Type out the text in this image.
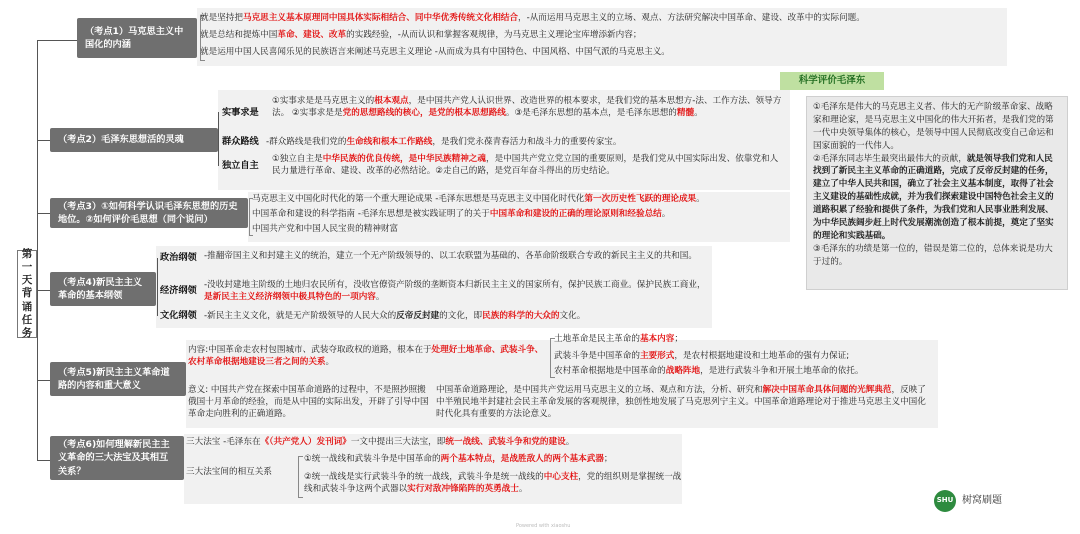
第一天背诵任务
（考点1）马克思主义中国化的内涵
就是坚持把马克思主义基本原理同中国具体实际相结合、同中华优秀传统文化相结合，-从而运用马克思主义的立场、观点、方法研究解决中国革命、建设、改革中的实际问题。
就是总结和提炼中国革命、建设、改革的实践经验，-从而认识和掌握客观规律，为马克思主义理论宝库增添新内容；
就是运用中国人民喜闻乐见的民族语言来阐述马克思主义理论 -从而成为具有中国特色、中国风格、中国气派的马克思主义。
（考点2）毛泽东思想活的灵魂
实事求是
①实事求是是马克思主义的根本观点，是中国共产党人认识世界、改造世界的根本要求，是我们党的基本思想方-法、工作方法、领导方法。 ②实事求是是党的思想路线的核心，是党的根本思想路线。③是毛泽东思想的基本点，是毛泽东思想的精髓。
群众路线 -群众路线是我们党的生命线和根本工作路线，是我们党永葆青春活力和战斗力的重要传家宝。
独立自主
①独立自主是中华民族的优良传统，是中华民族精神之魂，是中国共产党立党立国的重要原则，是我们党从中国实际出发、依靠党和人民力量进行革命、建设、改革的必然结论。②走自己的路，是党百年奋斗得出的历史结论。
（考点3）①如何科学认识毛泽东思想的历史地位。②如何评价毛思想（同个说问）
马克思主义中国化时代化的第一个重大理论成果 -毛泽东思想是马克思主义中国化时代化第一次历史性飞跃的理论成果。
中国革命和建设的科学指南 -毛泽东思想是被实践证明了的关于中国革命和建设的正确的理论原则和经验总结。
中国共产党和中国人民宝贵的精神财富
（考点4)新民主主义革命的基本纲领
政治纲领 -推翻帝国主义和封建主义的统治，建立一个无产阶级领导的、以工农联盟为基础的、各革命阶级联合专政的新民主主义的共和国。
经济纲领 -没收封建地主阶级的土地归农民所有，没收官僚资产阶级的垄断资本归新民主主义的国家所有，保护民族工商业。保护民族工商业，是新民主主义经济纲领中极具特色的一项内容。
文化纲领 -新民主主义文化，就是无产阶级领导的人民大众的反帝反封建的文化，即民族的科学的大众的文化。
（考点5)新民主主义革命道路的内容和重大意义
内容:中国革命走农村包围城市、武装夺取政权的道路，根本在于处理好土地革命、武装斗争、农村革命根据地建设三者之间的关系。
土地革命是民主革命的基本内容；
武装斗争是中国革命的主要形式，是农村根据地建设和土地革命的强有力保证;
农村革命根据地是中国革命的战略阵地，是进行武装斗争和开展土地革命的依托。
意义: 中国共产党在探索中国革命道路的过程中，不是照抄照搬俄国十月革命的经验，而是从中国的实际出发，开辟了引导中国革命走向胜利的正确道路。
中国革命道路理论，是中国共产党运用马克思主义的立场、观点和方法，分析、研究和解决中国革命具体问题的光辉典范，反映了中半殖民地半封建社会民主革命发展的客观规律，独创性地发展了马克思列宁主义。中国革命道路理论对于推进马克思主义中国化时代化具有重要的方法论意义。
（考点6)如何理解新民主主义革命的三大法宝及其相互关系？
三大法宝 -毛泽东在《（共产党人）发刊词》一文中提出三大法宝，即统一战线、武装斗争和党的建设。
三大法宝间的相互关系
①统一战线和武装斗争是中国革命的两个基本特点，是战胜敌人的两个基本武器；
②统一战线是实行武装斗争的统一战线，武装斗争是统一战线的中心支柱，党的组织则是掌握统一战线和武装斗争这两个武器以实行对敌冲锋陷阵的英勇战士。
科学评价毛泽东
①毛泽东是伟大的马克思主义者、伟大的无产阶级革命家、战略家和理论家，是马克思主义中国化的伟大开拓者，是我们党的第一代中央领导集体的核心，是领导中国人民彻底改变自己命运和国家面貌的一代伟人。
②毛泽东同志毕生最突出最伟大的贡献，就是领导我们党和人民找到了新民主主义革命的正确道路，完成了反帝反封建的任务，建立了中华人民共和国，确立了社会主义基本制度，取得了社会主义建设的基础性成就，并为我们探索建设中国特色社会主义的道路积累了经验和提供了条件，为我们党和人民事业胜利发展、为中华民族阔步赶上时代发展潮流创造了根本前提，奠定了坚实的理论和实践基础。
③毛泽东的功绩是第一位的，错误是第二位的，总体来说是功大于过的。
SHU 树窝刷题
Powered with xiaoshu
